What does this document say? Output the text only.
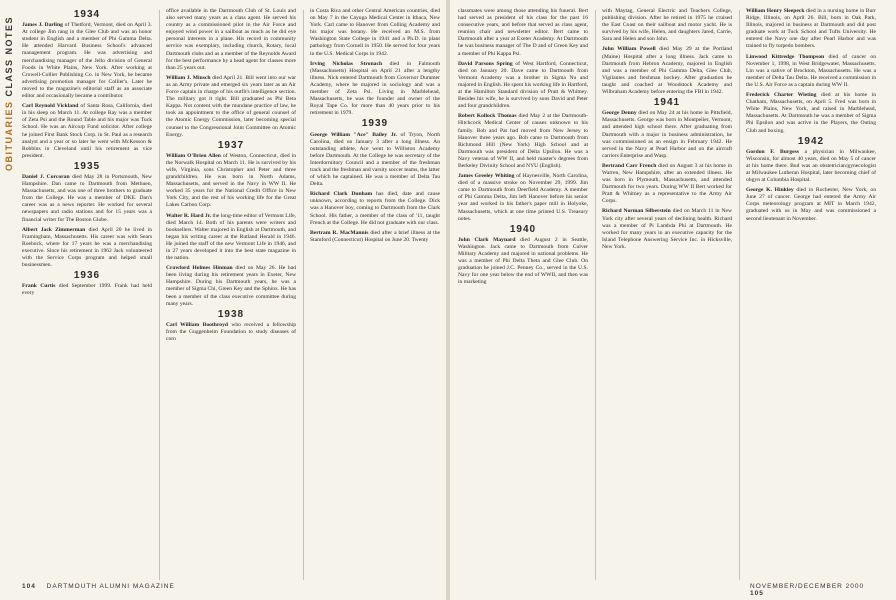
OBITUARIES CLASS NOTES
1934

James J. Darling of Thetford, Vermont, died on April 3. At college Jim rang in the Glee Club and was an honor student in English and a member of Phi Gamma Delta. He attended Harvard Business School's advanced management program. He was advertising and merchandising manager of the Jello division of General Foods in White Plains, New York. After working at Crowell-Collier Publishing Co. in New York, he became advertising promotion manager for Collier's. Later he moved to the magazine's editorial staff as an associate editor and occasionally became a contributor.

Carl Reynold Vickland of Santa Rosa, California, died in his sleep on March 11. At college Ray was a member of Zeta Psi and the Round Table and his major was Tuck School. He was an Aircorp Fund solicitor. After college he joined First Bank Stock Corp. in St. Paul as a research analyst and a year or so later he went with McKesson & Robbins in Cleveland until his retirement as vice president.

1935

Daniel J. Corcoran died May 28 in Portsmouth, New Hampshire. Dan came to Dartmouth from Methuen, Massachusetts, and was one of three brothers to graduate from the College. He was a member of DKE. Dan's career was as a news reporter. He worked for several newspapers and radio stations and for 15 years was a financial writer for The Boston Globe.

Albert Jack Zimmerman died April 20 he lived in Framingham, Massachusetts. His career was with Sears Roebuck, where for 17 years he was a merchandising executive. Since his retirement in 1962 Jack volunteered with the Service Corps program and helped small businessmen.

1936

Frank Curtis died September 1999. Frank had held every

office available in the Dartmouth Club of St. Louis and also served many years as a class agent. He served his country as a commissioned pilot in the Air Force and enjoyed wind power in a sailboat as much as he did eye personal interests in a plane. His record in community service was exemplary, including church, Rotary, local Dartmouth clubs and as a member of the Reynolds Award for the best performance by a head agent for classes more than 25 years out.

William J. Minsch died April 21. Bill went into our war as an Army private and emerged six years later as an Air Force captain in charge of his outfit's intelligence section. The military got it right. Bill graduated as Phi Beta Kappa. Not content with the mundane practice of law, he took an appointment to the office of general counsel of the Atomic Energy Commission, later becoming special counsel to the Congressional Joint Committee on Atomic Energy.

1937

William O'Brien Allen of Weston, Connecticut, died in the Norwalk Hospital on March 11. He is survived by his wife, Virginia, sons Christopher and Peter and three grandchildren. He was born in North Adams, Massachusetts, and served in the Navy in WW II. He worked 35 years for the National Credit Office in New York City, and the rest of his working life for the Great Lakes Carbon Corp.

Walter R. Hard Jr. the long-time editor of Vermont Life, died March 14. Both of his parents were writers and booksellers. Walter majored in English at Dartmouth, and began his writing career at the Rutland Herald in 1946. He joined the staff of the new Vermont Life in 1946, and in 27 years developed it into the best state magazine in the nation.

Crawford Holmes Hinman died on May 26. He had been living during his retirement years in Exeter, New Hampshire. During his Dartmouth years, he was a member of Sigma Chi, Green Key and the Sphinx. He has been a member of the class executive committee during many years.

1938

Carl William Boothroyd who received a fellowship from the Guggenheim Foundation to study diseases of corn

in Costa Rica and other Central American countries, died on May 7 in the Cayuga Medical Center in Ithaca, New York. Carl came to Hanover from Colling Academy and his major was botany. He received an M.S. from Washington State College in 1941 and a Ph.D. in plant pathology from Cornell in 1950. He served for four years in the U.S. Medical Corps in 1942.

Irving Nicholas Stronach died in Falmouth (Massachusetts) Hospital on April 21 after a lengthy illness. Nick entered Dartmouth from Governor Dummer Academy, where he majored in sociology and was a member of Zeta Psi. Living in Marblehead, Massachusetts, he was the founder and owner of the Royal Tape Co. for more than 40 years prior to his retirement in 1979.

1939

George William "Ace" Bailey Jr. of Tryon, North Carolina, died on January 3 after a long illness. An outstanding athlete, Ace went to Williston Academy before Dartmouth. At the College he was secretary of the Interdormitory Council and a member of the freshman track and the freshman and varsity soccer teams, the latter of which he captained. He was a member of Delta Tau Delta.

Richard Clark Dunham has died, date and cause unknown, according to reports from the College. Dick was a Hanover boy, coming to Dartmouth from the Clark School. His father, a member of the class of '11, taught French at the College. He did not graduate with our class.

Bertram R. MacMannis died after a brief illness at the Stamford (Connecticut) Hospital on June 20. Twenty

104 DARTMOUTH ALUMNI MAGAZINE

classmates were among those attending his funeral. Bert had served as president of his class for the past 16 consecutive years, and before that served as class agent, reunion chair and newsletter editor. Bert came to Dartmouth after a year at Exeter Academy. At Dartmouth he was business manager of The D and of Green Key and a member of Phi Kappa Psi.

David Parsons Spring of West Hartford, Connecticut, died on January 20. Dave came to Dartmouth from Vermont Academy was a brother in Sigma Nu and majored in English. He spent his working life in Hartford, at the Hamilton Standard division of Pratt & Whitney. Besides his wife, he is survived by sons David and Peter and four grandchildren.

Robert Kollock Thomas died May 2 at the Dartmouth-Hitchcock Medical Center of causes unknown to his family. Bob and Pat had moved from New Jersey to Hanover three years ago. Bob came to Dartmouth from Richmond Hill (New York) High School and at Dartmouth was president of Delta Upsilon. He was a Navy veteran of WW II, and held master's degrees from Berkeley Divinity School and NYU (English).

James Greeley Whiting of Haynesville, North Carolina, died of a massive stroke on November 29, 1999. Jim came to Dartmouth from Deerfield Academy. A member of Phi Gamma Delta, Jim left Hanover before his senior year and worked in his father's paper mill in Holyoke, Massachusetts, which at one time printed U.S. Treasury notes.

1940

John Clark Maynard died August 2 in Seattle, Washington. Jack came to Dartmouth from Culver Military Academy and majored in national problems. He was a member of Phi Delta Theta and Glee Club. On graduation he joined J.C. Penney Co., served in the U.S. Navy for one year below the end of WWII, and then was in marketing

with Maytag, General Electric and Teachers College, publishing division. After he retired in 1975 he cruised the East Coast on their sailboat and motor yacht. He is survived by his wife, Helen, and daughters Jared, Carrie, Sara and Helen and son John.

John William Powell died May 29 at the Portland (Maine) Hospital after a long illness. Jack came to Dartmouth from Hebron Academy, majored in English and was a member of Phi Gamma Delta, Glee Club, Vigilantes and freshman hockey. After graduation he taught and coached at Woodstock Academy and Wilbraham Academy before entering the FBI in 1942.

1941

George Denny died on May 24 at his home in Pittsfield, Massachusetts. George was born in Montpelier, Vermont, and attended high school there. After graduating from Dartmouth with a major in business administration, he was commissioned as an ensign in February 1942. He served in the Navy at Pearl Harbor and on the aircraft carriers Enterprise and Wasp.

Bertrand Carr French died on August 3 at his home in Warren, New Hampshire, after an extended illness. He was born in Plymouth, Massachusetts, and attended Dartmouth for two years. During WW II Bert worked for Pratt & Whitney as a representative to the Army Air Corps.

Richard Norman Silberstein died on March 11 in New York city after several years of declining health. Richard was a member of Pi Lambda Phi at Dartmouth. He worked for many years in an executive capacity for the Island Telephone Answering Service Inc. in Hicksville, New York.

William Henry Sleepeck died in a nursing home in Burr Ridge, Illinois, on April 26. Bill, born in Oak Park, Illinois, majored in business at Dartmouth and did post graduate work at Tuck School and Tufts University. He entered the Navy one day after Pearl Harbor and was trained to fly torpedo bombers.

Linwood Kittredge Thompson died of cancer on November 1, 1998, in West Bridgewater, Massachusetts. Lin was a native of Brockton, Massachusetts. He was a member of Delta Tau Delta. He received a commission in the U.S. Air Force as a captain during WW II.

Frederick Charter Wieting died at his home in Chatham, Massachusetts, on April 5. Fred was born in White Plains, New York, and raised in Marblehead, Massachusetts. At Dartmouth he was a member of Sigma Phi Epsilon and was active in the Players, the Outing Club and boxing.

1942

Gordon F. Burgess a physician in Milwaukee, Wisconsin, for almost 40 years, died on May 5 of cancer at his home there. Bud was an obstetrician/gynecologist at Milwaukee Lutheran Hospital, later becoming chief of obgyn at Columbia Hospital.

George K. Hinkley died in Rochester, New York, on June 27 of cancer. George had entered the Army Air Corps meteorology program at MIT in March 1942, graduated with us in May and was commissioned a second lieutenant in November.

NOVEMBER/DECEMBER 2000 105
